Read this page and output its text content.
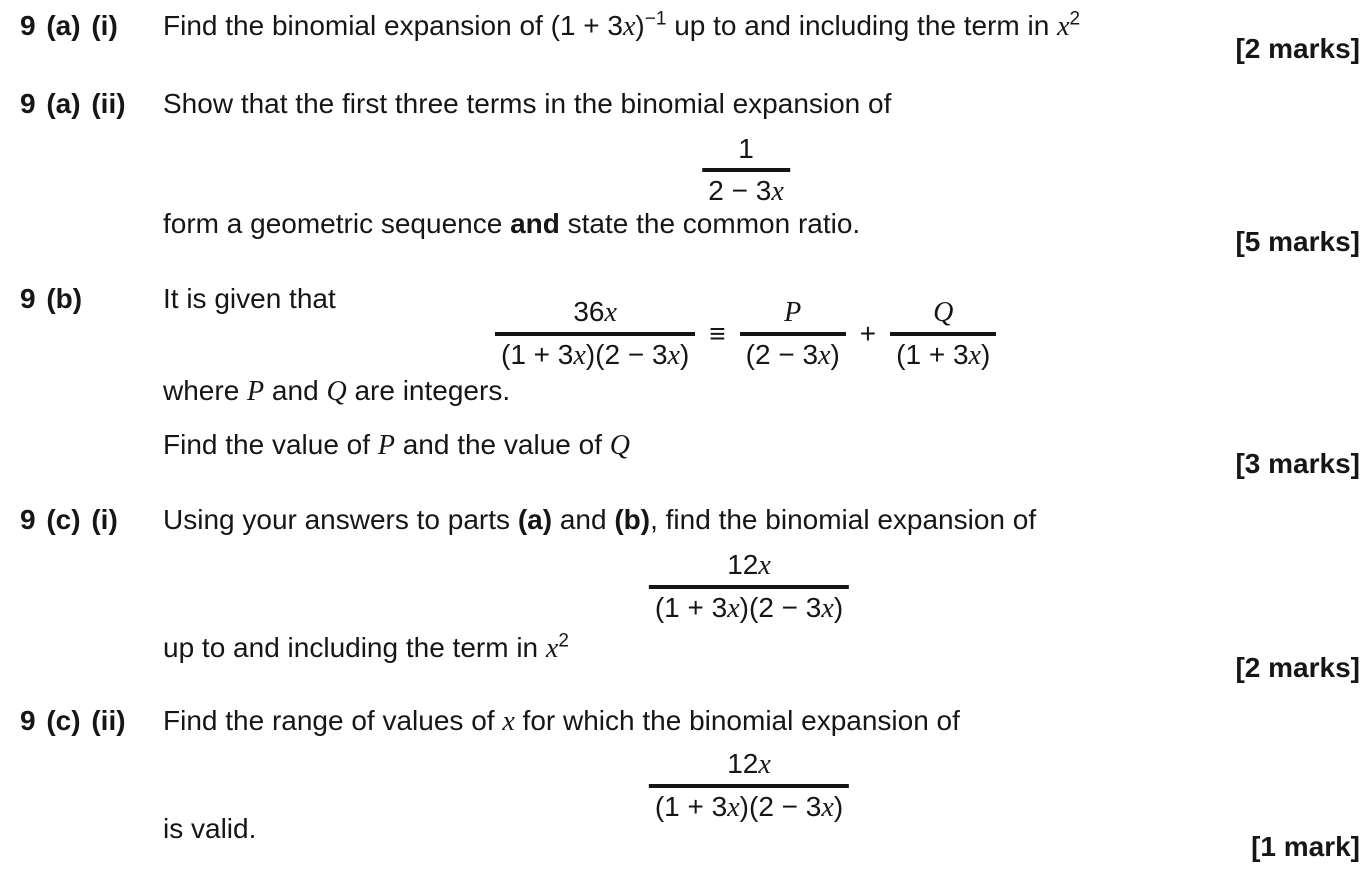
9 (a) (i) Find the binomial expansion of $(1 + 3x)^{-1}$ up to and including the term in $x^2$
[2 marks]
9 (a) (ii) Show that the first three terms in the binomial expansion of
$\frac{1}{2 - 3x}$
form a geometric sequence and state the common ratio.
[5 marks]
9 (b)	It is given that	$\frac{36x}{(1 + 3x)(2 - 3x)} \equiv \frac{P}{(2 - 3x)} + \frac{Q}{(1 + 3x)}$
where P and Q are integers.
Find the value of P and the value of Q
[3 marks]
9 (c) (i) Using your answers to parts (a) and (b), find the binomial expansion of
$\frac{12x}{(1 + 3x)(2 - 3x)}$
up to and including the term in $x^2$
[2 marks]
9 (c) (ii) Find the range of values of x for which the binomial expansion of
$\frac{12x}{(1 + 3x)(2 - 3x)}$
is valid.
[1 mark]
